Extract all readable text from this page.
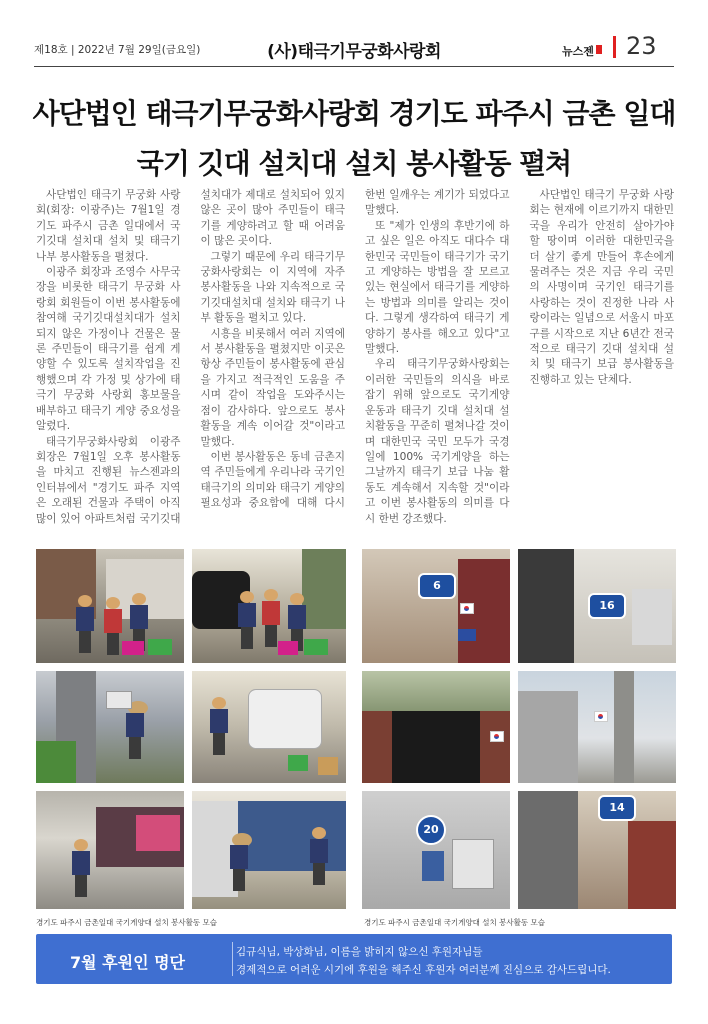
제18호 | 2022년 7월 29일(금요일)	(사)태극기무궁화사랑회	뉴스젠	23
사단법인 태극기무궁화사랑회 경기도 파주시 금촌 일대
국기 깃대 설치대 설치 봉사활동 펼쳐

사단법인 태극기 무궁화 사랑회(회장: 이광주)는 7월1일 경기도 파주시 금촌 일대에서 국기깃대 설치대 설치 및 태극기 나부 봉사활동을 펼쳤다.

이광주 회장과 조영수 사무국장을 비롯한 태극기 무궁화 사랑회 회원들이 이번 봉사활동에 참여해 국기깃대설치대가 설치되지 않은 가정이나 건물은 물론 주민들이 태극기를 쉽게 게양할 수 있도록 설치작업을 진행했으며 각 가정 및 상가에 태극기 무궁화 사랑회 홍보물을 배부하고 태극기 게양 중요성을 알렸다.

태극기무궁화사랑회 이광주 회장은 7월1일 오후 봉사활동을 마치고 진행된 뉴스젠과의 인터뷰에서 "경기도 파주 지역은 오래된 건물과 주택이 아직 많이 있어 아파트처럼 국기깃대 설치대가 제대로 설치되어 있지 않은 곳이 많아 주민들이 태극기를 게양하려고 할 때 어려움이 많은 곳이다.

그렇기 때문에 우리 태극기무궁화사랑회는 이 지역에 자주 봉사활동을 나와 지속적으로 국기깃대설치대 설치와 태극기 나부 활동을 펼치고 있다.

시흥을 비롯해서 여러 지역에서 봉사활동을 펼쳤지만 이곳은 항상 주민들이 봉사활동에 관심을 가지고 적극적인 도움을 주시며 같이 작업을 도와주시는 점이 감사하다. 앞으로도 봉사활동을 계속 이어갈 것"이라고 말했다.

이번 봉사활동은 동네 금촌지역 주민들에게 우리나라 국기인 태극기의 의미와 태극기 게양의 필요성과 중요함에 대해 다시 한번 일깨우는 계기가 되었다고 말했다.

또 "제가 인생의 후반기에 하고 싶은 일은 아직도 대다수 대한민국 국민들이 태극기가 국기고 게양하는 방법을 잘 모르고 있는 현실에서 태극기를 게양하는 방법과 의미를 알리는 것이다. 그렇게 생각하여 태극기 게양하기 봉사를 해오고 있다"고 말했다.

우리 태극기무궁화사랑회는 이러한 국민들의 의식을 바로 잡기 위해 앞으로도 국기게양 운동과 태극기 깃대 설치대 설치활동을 꾸준히 펼쳐나갈 것이며 대한민국 국민 모두가 국경일에 100% 국기게양을 하는 그날까지 태극기 보급 나눔 활동도 계속해서 지속할 것"이라고 이번 봉사활동의 의미를 다시 한번 강조했다.

사단법인 태극기 무궁화 사랑회는 현재에 이르기까지 대한민국을 우리가 안전히 살아가야 할 땅이며 이러한 대한민국을 더 살기 좋게 만들어 후손에게 물려주는 것은 지금 우리 국민의 사명이며 국기인 태극기를 사랑하는 것이 진정한 나라 사랑이라는 일념으로 서울시 마포구를 시작으로 지난 6년간 전국적으로 태극기 깃대 설치대 설치 및 태극기 보급 봉사활동을 진행하고 있는 단체다.

6
16
20
14
경기도 파주시 금촌일대 국기게양대 설치 봉사활동 모습	경기도 파주시 금촌일대 국기게양대 설치 봉사활동 모습
7월 후원인 명단
김규식님, 박상화님, 이름을 밝히지 않으신 후원자님들
경제적으로 어려운 시기에 후원을 해주신 후원자 여러분께 진심으로 감사드립니다.
